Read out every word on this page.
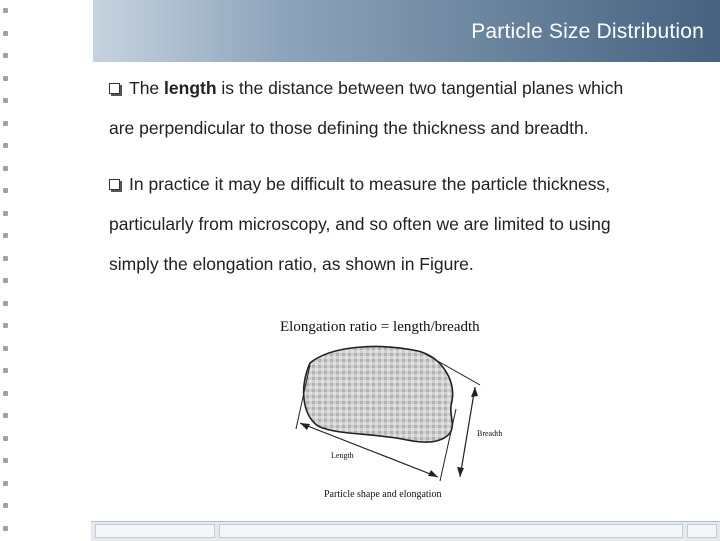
Particle Size Distribution
The length is the distance between two tangential planes which
are perpendicular to those defining the thickness and breadth.
In practice it may be difficult to measure the particle thickness,
particularly from microscopy, and so often we are limited to using
simply the elongation ratio, as shown in Figure.
Elongation ratio = length/breadth
Breadth
Length
Particle shape and elongation
